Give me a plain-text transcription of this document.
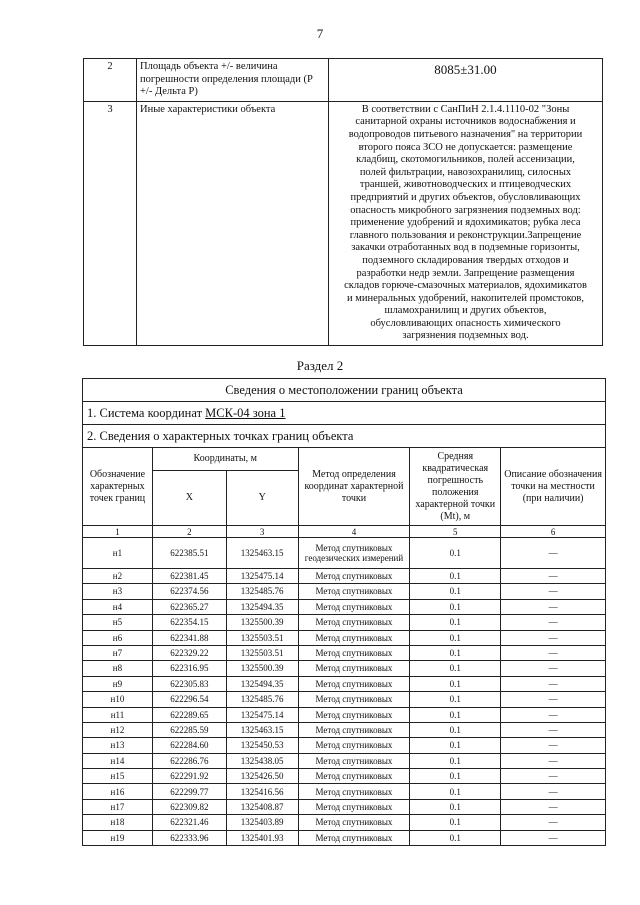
7
2	Площадь объекта +/- величина погрешности определения площади (Р +/- Дельта Р)	8085±31.00
3	Иные характеристики объекта	В соответствии с СанПиН 2.1.4.1110-02 "Зоны санитарной охраны источников водоснабжения и водопроводов питьевого назначения" на территории второго пояса ЗСО не допускается: размещение кладбищ, скотомогильников, полей ассенизации, полей фильтрации, навозохранилищ, силосных траншей, животноводческих и птицеводческих предприятий и других объектов, обусловливающих опасность микробного загрязнения подземных вод: применение удобрений и ядохимикатов; рубка леса главного пользования и реконструкции.Запрещение закачки отработанных вод в подземные горизонты, подземного складирования твердых отходов и разработки недр земли. Запрещение размещения складов горюче-смазочных материалов, ядохимикатов и минеральных удобрений, накопителей промстоков, шламохранилищ и других объектов, обусловливающих опасность химического загрязнения подземных вод.
Раздел 2
Сведения о местоположении границ объекта					
1. Система координат МСК-04 зона 1					
2. Сведения о характерных точках границ объекта					
Обозначение характерных точек границ	Координаты, м		Метод определения координат характерной точки	Средняя квадратическая погрешность положения характерной точки (Mt), м	Описание обозначения точки на местности (при наличии)
	X	Y			
1	2	3	4	5	6
н1	622385.51	1325463.15	Метод спутниковых геодезических измерений	0.1	—
н2	622381.45	1325475.14	Метод спутниковых	0.1	—
н3	622374.56	1325485.76	Метод спутниковых	0.1	—
н4	622365.27	1325494.35	Метод спутниковых	0.1	—
н5	622354.15	1325500.39	Метод спутниковых	0.1	—
н6	622341.88	1325503.51	Метод спутниковых	0.1	—
н7	622329.22	1325503.51	Метод спутниковых	0.1	—
н8	622316.95	1325500.39	Метод спутниковых	0.1	—
н9	622305.83	1325494.35	Метод спутниковых	0.1	—
н10	622296.54	1325485.76	Метод спутниковых	0.1	—
н11	622289.65	1325475.14	Метод спутниковых	0.1	—
н12	622285.59	1325463.15	Метод спутниковых	0.1	—
н13	622284.60	1325450.53	Метод спутниковых	0.1	—
н14	622286.76	1325438.05	Метод спутниковых	0.1	—
н15	622291.92	1325426.50	Метод спутниковых	0.1	—
н16	622299.77	1325416.56	Метод спутниковых	0.1	—
н17	622309.82	1325408.87	Метод спутниковых	0.1	—
н18	622321.46	1325403.89	Метод спутниковых	0.1	—
н19	622333.96	1325401.93	Метод спутниковых	0.1	—
